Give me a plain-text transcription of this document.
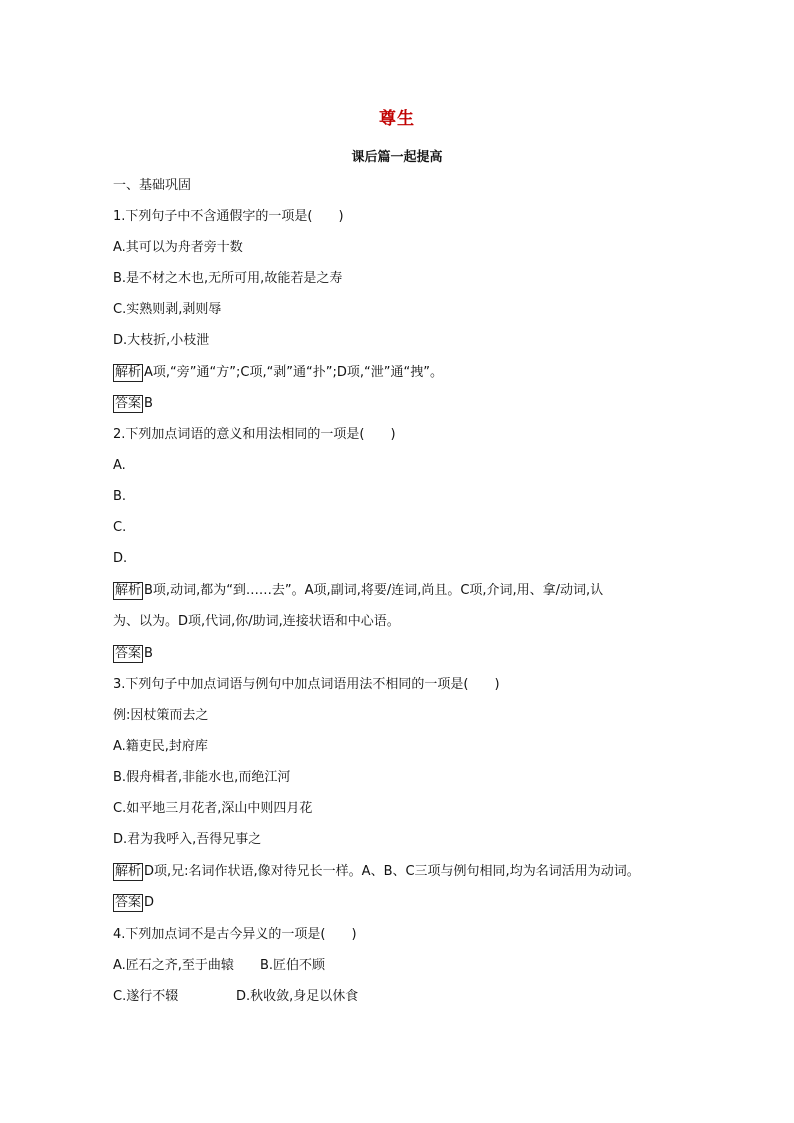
尊生
课后篇一起提高
一、基础巩固
1.下列句子中不含通假字的一项是(　　)
A.其可以为舟者旁十数
B.是不材之木也,无所可用,故能若是之寿
C.实熟则剥,剥则辱
D.大枝折,小枝泄
解析 A项,“旁”通“方”;C项,“剥”通“扑”;D项,“泄”通“拽”。
答案 B
2.下列加点词语的意义和用法相同的一项是(　　)
A.
B.
C.
D.
解析 B项,动词,都为“到……去”。A项,副词,将要/连词,尚且。C项,介词,用、拿/动词,认
为、以为。D项,代词,你/助词,连接状语和中心语。
答案 B
3.下列句子中加点词语与例句中加点词语用法不相同的一项是(　　)
例:因杖策而去之
A.籍吏民,封府库
B.假舟楫者,非能水也,而绝江河
C.如平地三月花者,深山中则四月花
D.君为我呼入,吾得兄事之
解析 D项,兄:名词作状语,像对待兄长一样。A、B、C三项与例句相同,均为名词活用为动词。
答案 D
4.下列加点词不是古今异义的一项是(　　)
A.匠石之齐,至于曲辕 B.匠伯不顾
C.遂行不辍	D.秋收敛,身足以休食
